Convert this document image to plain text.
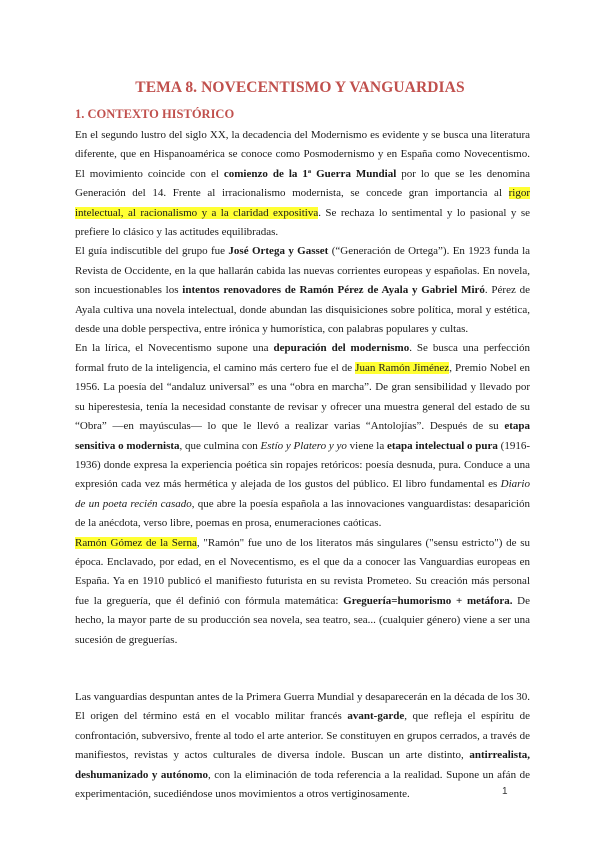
TEMA 8. NOVECENTISMO Y VANGUARDIAS
1. CONTEXTO HISTÓRICO

En el segundo lustro del siglo XX, la decadencia del Modernismo es evidente y se busca una literatura diferente, que en Hispanoamérica se conoce como Posmodernismo y en España como Novecentismo. El movimiento coincide con el comienzo de la 1ª Guerra Mundial por lo que se les denomina Generación del 14. Frente al irracionalismo modernista, se concede gran importancia al rigor intelectual, al racionalismo y a la claridad expositiva. Se rechaza lo sentimental y lo pasional y se prefiere lo clásico y las actitudes equilibradas.

El guía indiscutible del grupo fue José Ortega y Gasset (“Generación de Ortega”). En 1923 funda la Revista de Occidente, en la que hallarán cabida las nuevas corrientes europeas y españolas. En novela, son incuestionables los intentos renovadores de Ramón Pérez de Ayala y Gabriel Miró. Pérez de Ayala cultiva una novela intelectual, donde abundan las disquisiciones sobre política, moral y estética, desde una doble perspectiva, entre irónica y humorística, con palabras populares y cultas.

En la lírica, el Novecentismo supone una depuración del modernismo. Se busca una perfección formal fruto de la inteligencia, el camino más certero fue el de Juan Ramón Jiménez, Premio Nobel en 1956. La poesía del “andaluz universal” es una “obra en marcha”. De gran sensibilidad y llevado por su hiperestesia, tenía la necesidad constante de revisar y ofrecer una muestra general del estado de su “Obra” —en mayúsculas— lo que le llevó a realizar varias “Antolojías”. Después de su etapa sensitiva o modernista, que culmina con Estío y Platero y yo viene la etapa intelectual o pura (1916-1936) donde expresa la experiencia poética sin ropajes retóricos: poesía desnuda, pura. Conduce a una expresión cada vez más hermética y alejada de los gustos del público. El libro fundamental es Diario de un poeta recién casado, que abre la poesía española a las innovaciones vanguardistas: desaparición de la anécdota, verso libre, poemas en prosa, enumeraciones caóticas.

Ramón Gómez de la Serna, "Ramón" fue uno de los literatos más singulares ("sensu estricto") de su época. Enclavado, por edad, en el Novecentismo, es el que da a conocer las Vanguardias europeas en España. Ya en 1910 publicó el manifiesto futurista en su revista Prometeo. Su creación más personal fue la greguería, que él definió con fórmula matemática: Greguería=humorismo + metáfora. De hecho, la mayor parte de su producción sea novela, sea teatro, sea... (cualquier género) viene a ser una sucesión de greguerías.

Las vanguardias despuntan antes de la Primera Guerra Mundial y desaparecerán en la década de los 30. El origen del término está en el vocablo militar francés avant-garde, que refleja el espíritu de confrontación, subversivo, frente al todo el arte anterior. Se constituyen en grupos cerrados, a través de manifiestos, revistas y actos culturales de diversa índole. Buscan un arte distinto, antirrealista, deshumanizado y autónomo, con la eliminación de toda referencia a la realidad. Supone un afán de experimentación, sucediéndose unos movimientos a otros vertiginosamente.	1
